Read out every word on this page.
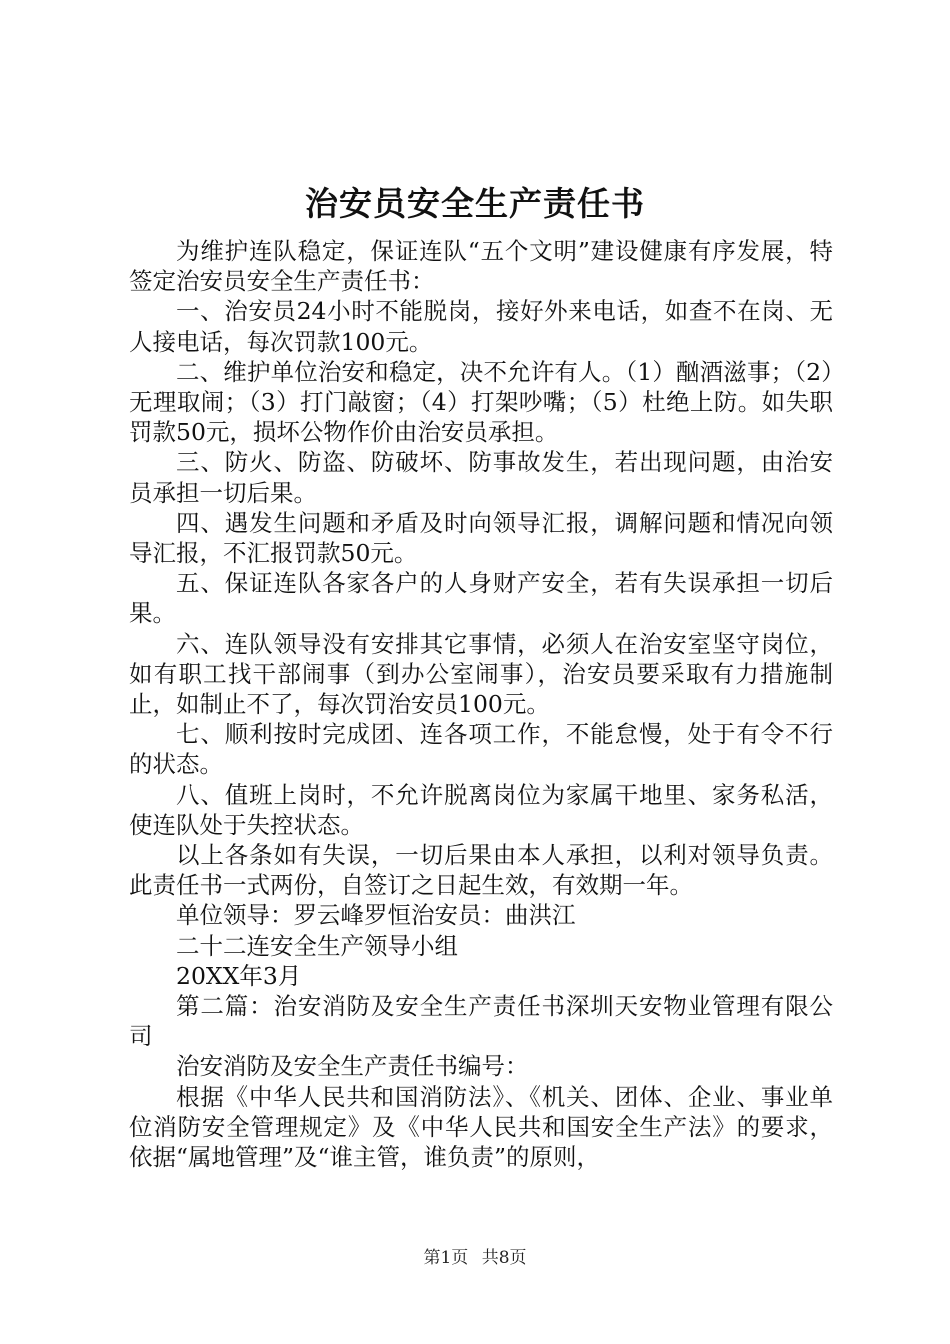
治安员安全生产责任书

为维护连队稳定，保证连队“五个文明”建设健康有序发展，特签定治安员安全生产责任书：

一、治安员24小时不能脱岗，接好外来电话，如查不在岗、无人接电话，每次罚款100元。

二、维护单位治安和稳定，决不允许有人。（1）酗酒滋事；（2）无理取闹；（3）打门敲窗；（4）打架吵嘴；（5）杜绝上防。如失职罚款50元，损坏公物作价由治安员承担。

三、防火、防盗、防破坏、防事故发生，若出现问题，由治安员承担一切后果。

四、遇发生问题和矛盾及时向领导汇报，调解问题和情况向领导汇报，不汇报罚款50元。

五、保证连队各家各户的人身财产安全，若有失误承担一切后果。

六、连队领导没有安排其它事情，必须人在治安室坚守岗位，如有职工找干部闹事（到办公室闹事），治安员要采取有力措施制止，如制止不了，每次罚治安员100元。

七、顺利按时完成团、连各项工作，不能怠慢，处于有令不行的状态。

八、值班上岗时，不允许脱离岗位为家属干地里、家务私活，使连队处于失控状态。

以上各条如有失误，一切后果由本人承担，以利对领导负责。此责任书一式两份，自签订之日起生效，有效期一年。

单位领导：罗云峰罗恒治安员：曲洪江

二十二连安全生产领导小组

20XX年3月

第二篇：治安消防及安全生产责任书深圳天安物业管理有限公司

治安消防及安全生产责任书编号：

根据《中华人民共和国消防法》、《机关、团体、企业、事业单位消防安全管理规定》及《中华人民共和国安全生产法》的要求，依据“属地管理”及“谁主管，谁负责”的原则，

第1页 共8页
